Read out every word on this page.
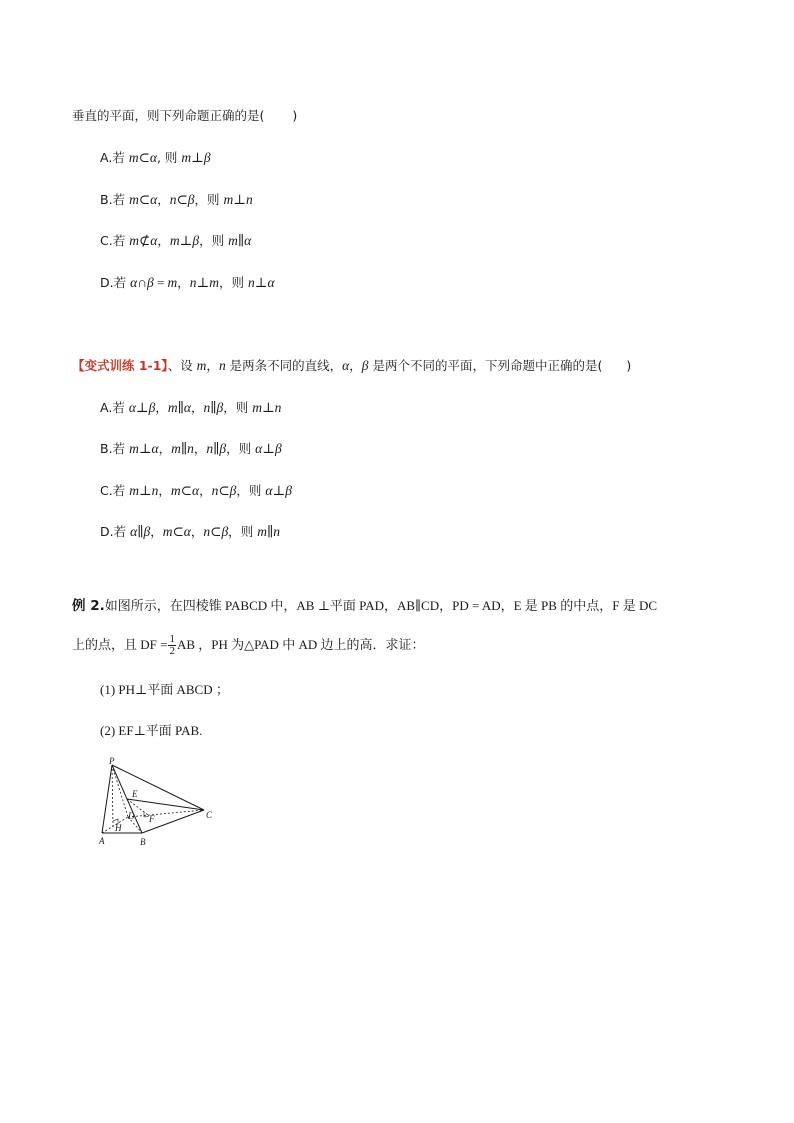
垂直的平面，则下列命题正确的是( )
A.若 m⊂α, 则 m⊥β
B.若 m⊂α，n⊂β，则 m⊥n
C.若 m⊄α，m⊥β，则 m∥α
D.若 α∩β = m，n⊥m，则 n⊥α
【变式训练 1-1】、设 m，n 是两条不同的直线，α，β 是两个不同的平面，下列命题中正确的是( )
A.若 α⊥β，m∥α，n∥β，则 m⊥n
B.若 m⊥α，m∥n，n∥β，则 α⊥β
C.若 m⊥n，m⊂α，n⊂β，则 α⊥β
D.若 α∥β，m⊂α，n⊂β，则 m∥n
例 2.如图所示，在四棱锥 PABCD 中，AB ⊥平面 PAD，AB∥CD，PD = AD，E 是 PB 的中点，F 是 DC
上的点，且 DF = $\frac{1}{2}$ AB ，PH 为△PAD 中 AD 边上的高．求证：
(1) PH⊥平面 ABCD ；
(2) EF⊥平面 PAB.
P
E
D F
H
A	B
C
